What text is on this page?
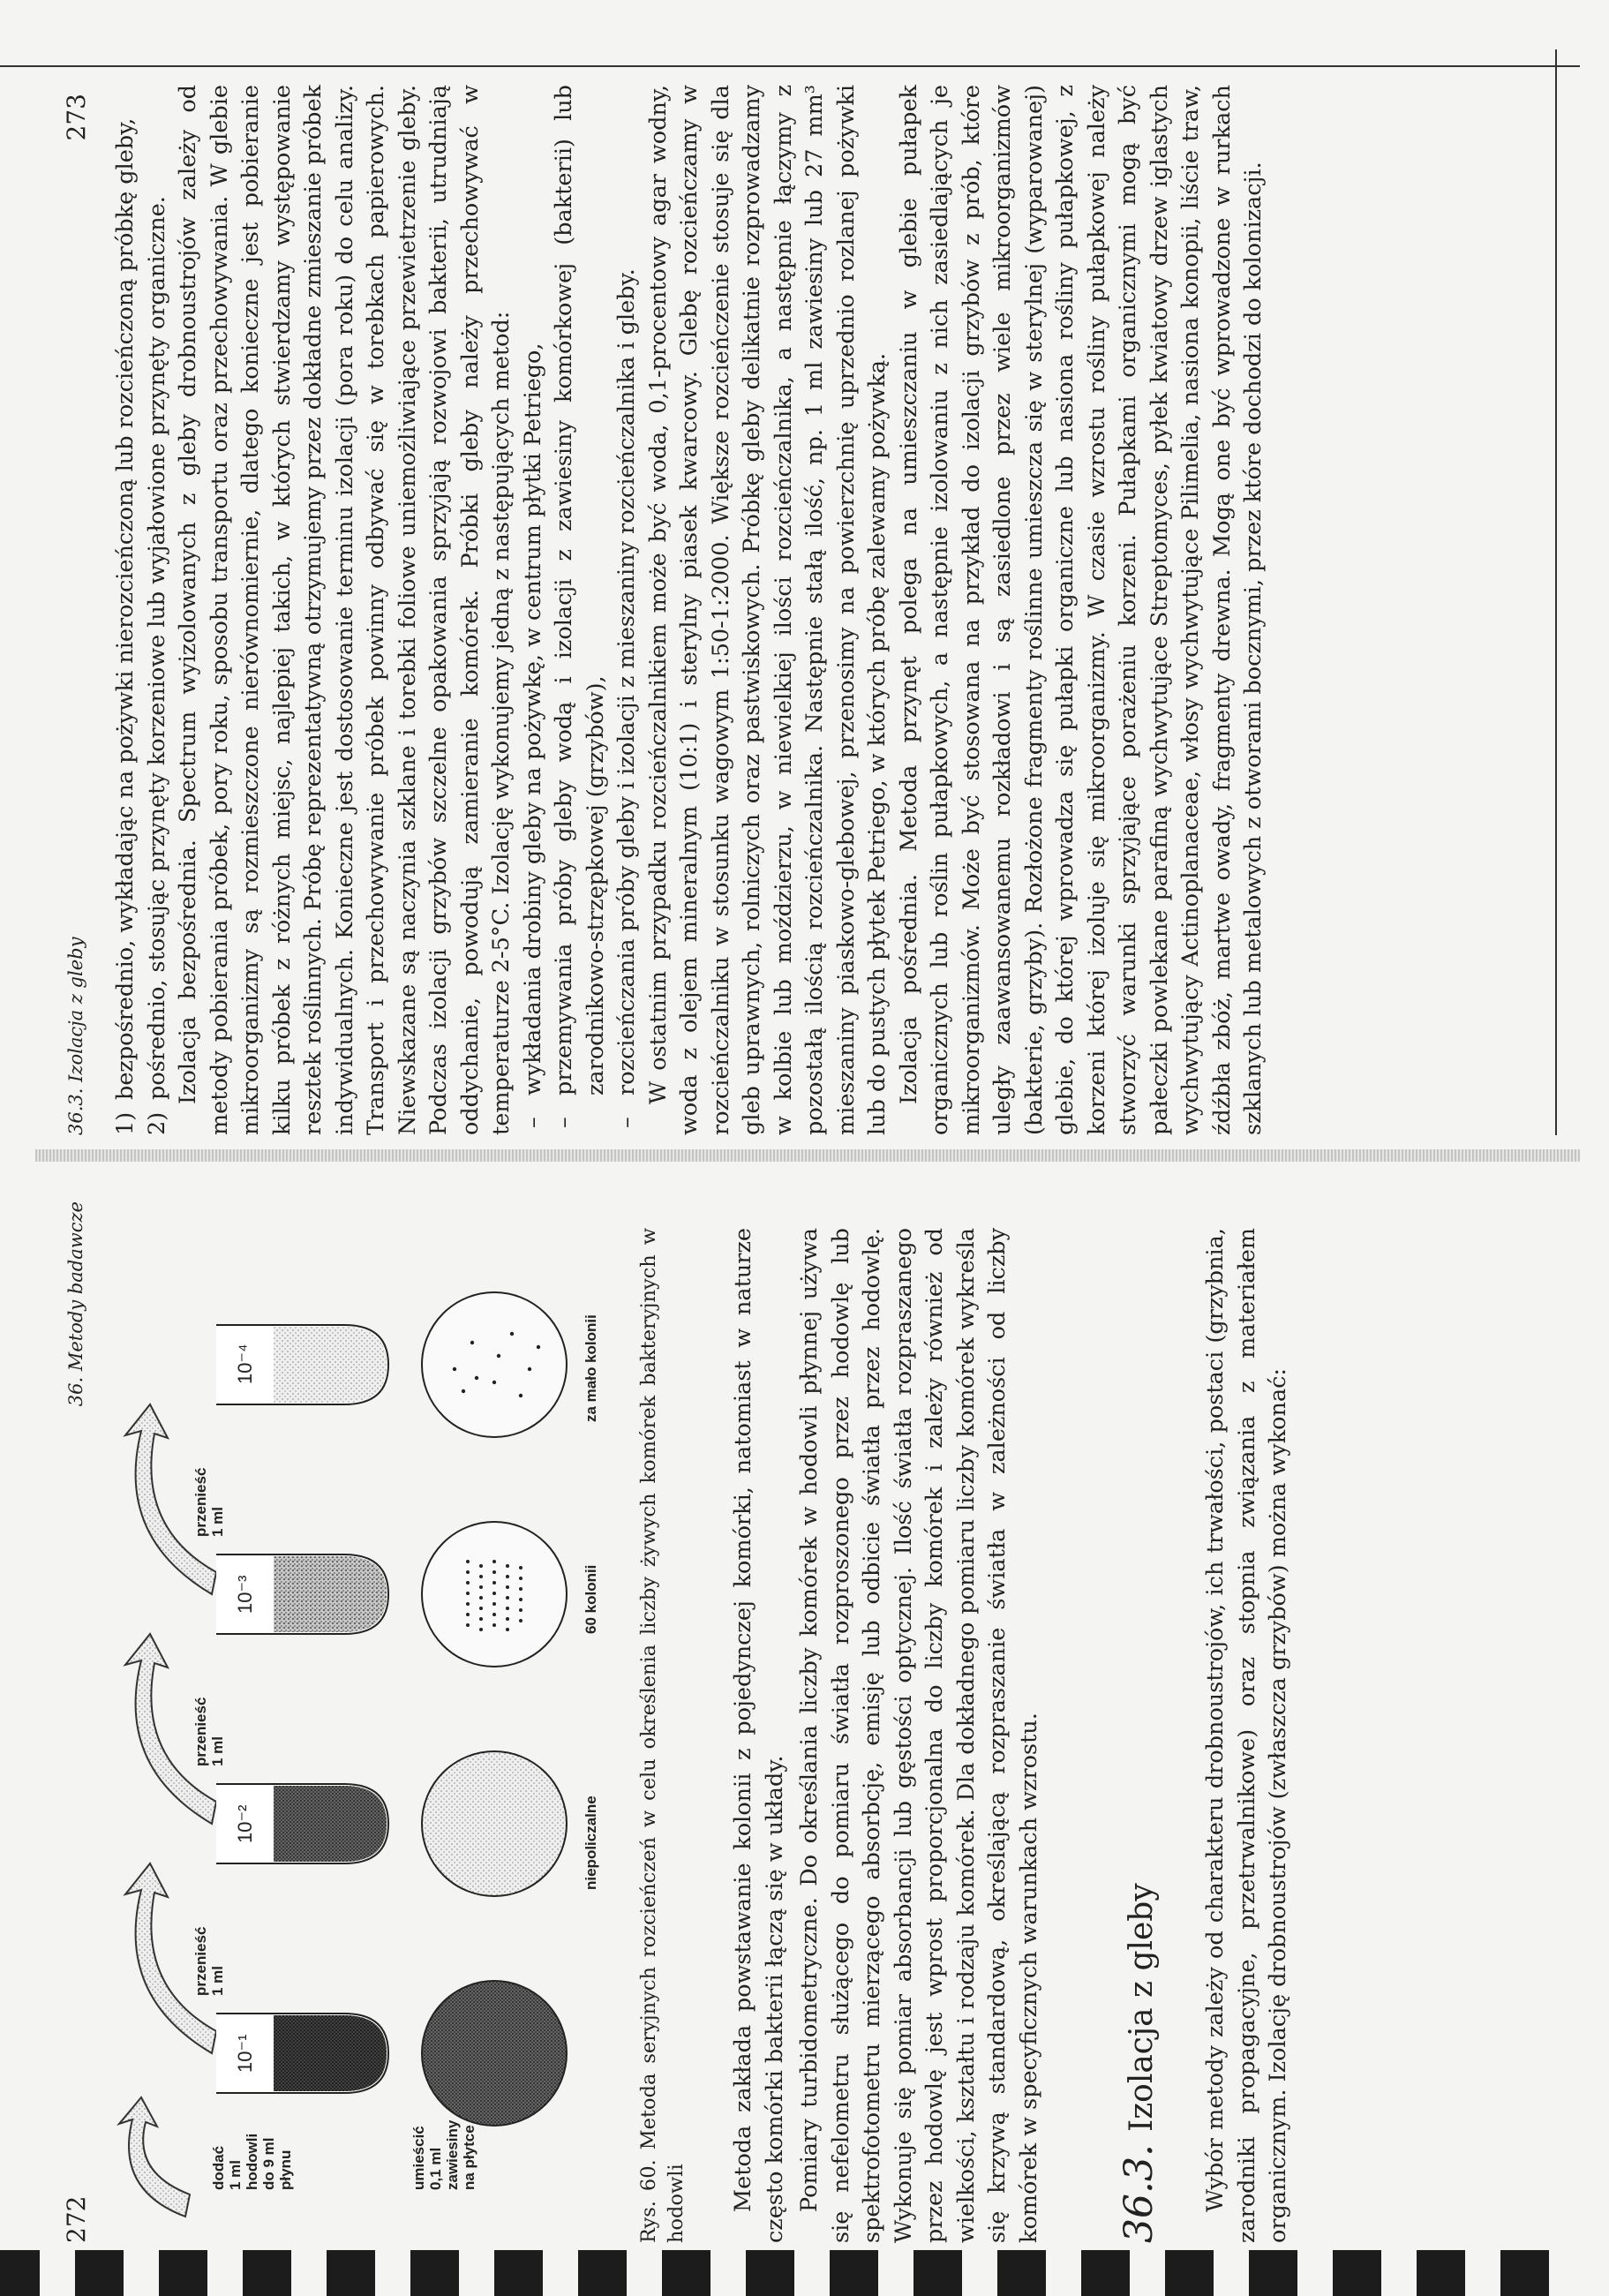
272
36. Metody badawcze
dodać 1 ml hodowli do 9 ml płynu	umieścić 0,1 ml zawiesiny na płytce
10⁻¹
10⁻²
10⁻³
10⁻⁴
przenieść 1 ml
przenieść 1 ml
przenieść 1 ml
niepoliczalne
60 kolonii
za mało kolonii Rys. 60. Metoda seryjnych rozcieńczeń w celu określenia liczby żywych komórek bakteryjnych w hodowli Metoda zakłada powstawanie kolonii z pojedynczej komórki, natomiast w naturze często komórki bakterii łączą się w układy. Pomiary turbidometryczne. Do określania liczby komórek w hodowli płynnej używa się nefelometru służącego do pomiaru światła rozproszonego przez hodowlę lub spektrofotometru mierzącego absorbcję, emisję lub odbicie światła przez hodowlę. Wykonuje się pomiar absorbancji lub gęstości optycznej. Ilość światła rozpraszanego przez hodowlę jest wprost proporcjonalna do liczby komórek i zależy również od wielkości, kształtu i rodzaju komórek. Dla dokładnego pomiaru liczby komórek wykreśla się krzywą standardową, określającą rozpraszanie światła w zależności od liczby komórek w specyficznych warunkach wzrostu. 36.3. Izolacja z gleby Wybór metody zależy od charakteru drobnoustrojów, ich trwałości, postaci (grzybnia, zarodniki propagacyjne, przetrwalnikowe) oraz stopnia związania z materiałem organicznym. Izolację drobnoustrojów (zwłaszcza grzybów) można wykonać:

36.3. Izolacja z gleby
273
1)
bezpośrednio, wykładając na pożywki nierozcieńczoną lub rozcieńczoną próbkę gleby,
2)
pośrednio, stosując przynęty korzeniowe lub wyjałowione przynęty organiczne. Izolacja bezpośrednia. Spectrum wyizolowanych z gleby drobnoustrojów zależy od metody pobierania próbek, pory roku, sposobu transportu oraz przechowywania. W glebie mikroorganizmy są rozmieszczone nierównomiernie, dlatego konieczne jest pobieranie kilku próbek z różnych miejsc, najlepiej takich, w których stwierdzamy występowanie resztek roślinnych. Próbę reprezentatywną otrzymujemy przez dokładne zmieszanie próbek indywidualnych. Konieczne jest dostosowanie terminu izolacji (pora roku) do celu analizy. Transport i przechowywanie próbek powinny odbywać się w torebkach papierowych. Niewskazane są naczynia szklane i torebki foliowe uniemożliwiające przewietrzenie gleby. Podczas izolacji grzybów szczelne opakowania sprzyjają rozwojowi bakterii, utrudniają oddychanie, powodują zamieranie komórek. Próbki gleby należy przechowywać w temperaturze 2-5°C. Izolację wykonujemy jedną z następujących metod: – wykładania drobiny gleby na pożywkę, w centrum płytki Petriego, – przemywania próby gleby wodą i izolacji z zawiesiny komórkowej (bakterii) lub zarodnikowo-strzępkowej (grzybów), – rozcieńczania próby gleby i izolacji z mieszaniny rozcieńczalnika i gleby. W ostatnim przypadku rozcieńczalnikiem może być woda, 0,1-procentowy agar wodny, woda z olejem mineralnym (10:1) i sterylny piasek kwarcowy. Glebę rozcieńczamy w rozcieńczalniku w stosunku wagowym 1:50-1:2000. Większe rozcieńczenie stosuje się dla gleb uprawnych, rolniczych oraz pastwiskowych. Próbkę gleby delikatnie rozprowadzamy w kolbie lub moździerzu, w niewielkiej ilości rozcieńczalnika, a następnie łączymy z pozostałą ilością rozcieńczalnika. Następnie stałą ilość, np. 1 ml zawiesiny lub 27 mm³ mieszaniny piaskowo-glebowej, przenosimy na powierzchnię uprzednio rozlanej pożywki lub do pustych płytek Petriego, w których próbę zalewamy pożywką. Izolacja pośrednia. Metoda przynęt polega na umieszczaniu w glebie pułapek organicznych lub roślin pułapkowych, a następnie izolowaniu z nich zasiedlających je mikroorganizmów. Może być stosowana na przykład do izolacji grzybów z prób, które uległy zaawansowanemu rozkładowi i są zasiedlone przez wiele mikroorganizmów (bakterie, grzyby). Rozłożone fragmenty roślinne umieszcza się w sterylnej (wyparowanej) glebie, do której wprowadza się pułapki organiczne lub nasiona rośliny pułapkowej, z korzeni której izoluje się mikroorganizmy. W czasie wzrostu rośliny pułapkowej należy stworzyć warunki sprzyjające porażeniu korzeni. Pułapkami organicznymi mogą być pałeczki powlekane parafiną wychwytujące Streptomyces, pyłek kwiatowy drzew iglastych wychwytujący Actinoplanaceae, włosy wychwytujące Pilimelia, nasiona konopii, liście traw, źdźbła zbóż, martwe owady, fragmenty drewna. Mogą one być wprowadzone w rurkach szklanych lub metalowych z otworami bocznymi, przez które dochodzi do kolonizacji.
